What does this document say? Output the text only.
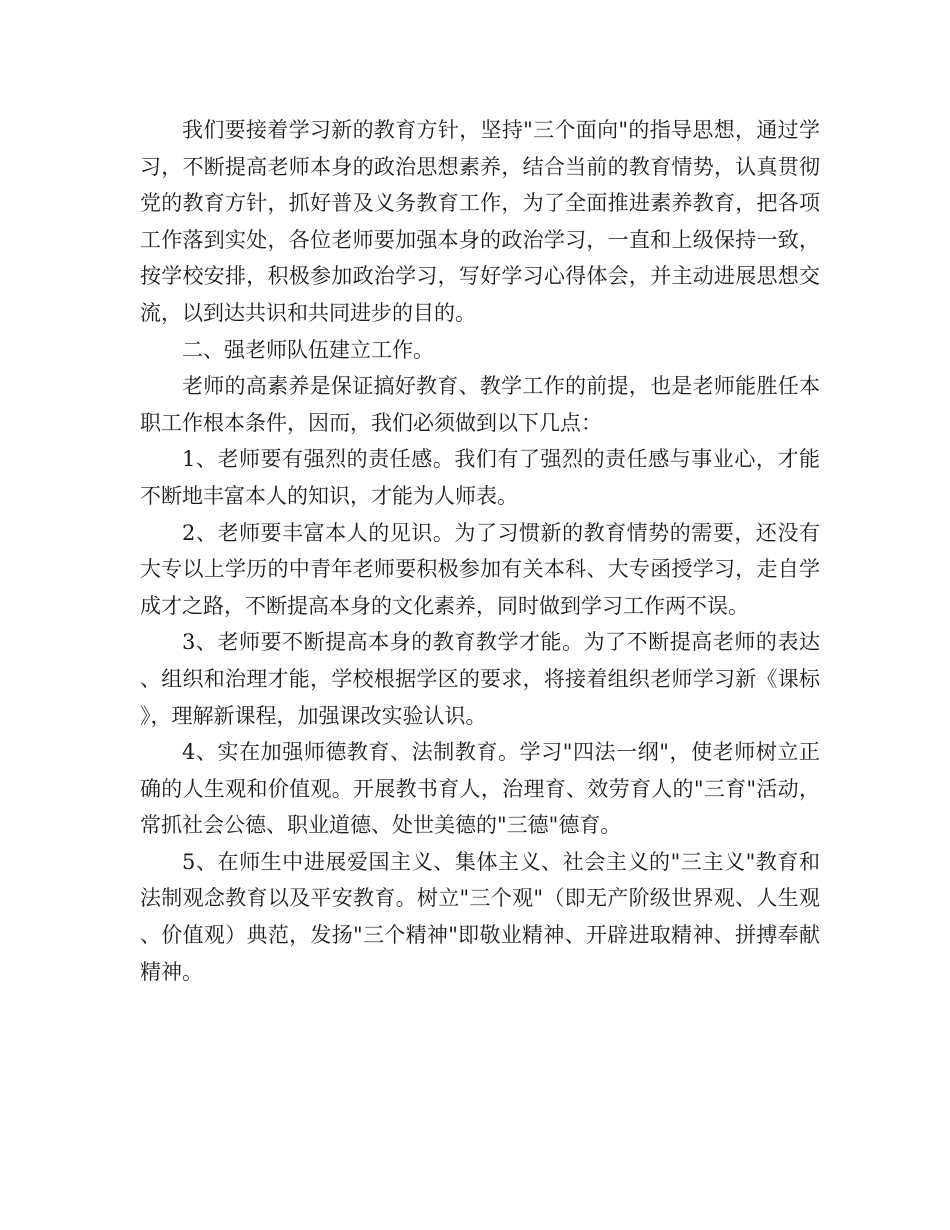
我们要接着学习新的教育方针，坚持"三个面向"的指导思想，通过学习，不断提高老师本身的政治思想素养，结合当前的教育情势，认真贯彻党的教育方针，抓好普及义务教育工作，为了全面推进素养教育，把各项工作落到实处，各位老师要加强本身的政治学习，一直和上级保持一致，按学校安排，积极参加政治学习，写好学习心得体会，并主动进展思想交流，以到达共识和共同进步的目的。

二、强老师队伍建立工作。

老师的高素养是保证搞好教育、教学工作的前提，也是老师能胜任本职工作根本条件，因而，我们必须做到以下几点：

1、老师要有强烈的责任感。我们有了强烈的责任感与事业心，才能不断地丰富本人的知识，才能为人师表。

2、老师要丰富本人的见识。为了习惯新的教育情势的需要，还没有大专以上学历的中青年老师要积极参加有关本科、大专函授学习，走自学成才之路，不断提高本身的文化素养，同时做到学习工作两不误。

3、老师要不断提高本身的教育教学才能。为了不断提高老师的表达、组织和治理才能，学校根据学区的要求，将接着组织老师学习新《课标》，理解新课程，加强课改实验认识。

4、实在加强师德教育、法制教育。学习"四法一纲"，使老师树立正确的人生观和价值观。开展教书育人，治理育、效劳育人的"三育"活动，常抓社会公德、职业道德、处世美德的"三德"德育。

5、在师生中进展爱国主义、集体主义、社会主义的"三主义"教育和法制观念教育以及平安教育。树立"三个观"（即无产阶级世界观、人生观、价值观）典范，发扬"三个精神"即敬业精神、开辟进取精神、拼搏奉献精神。
